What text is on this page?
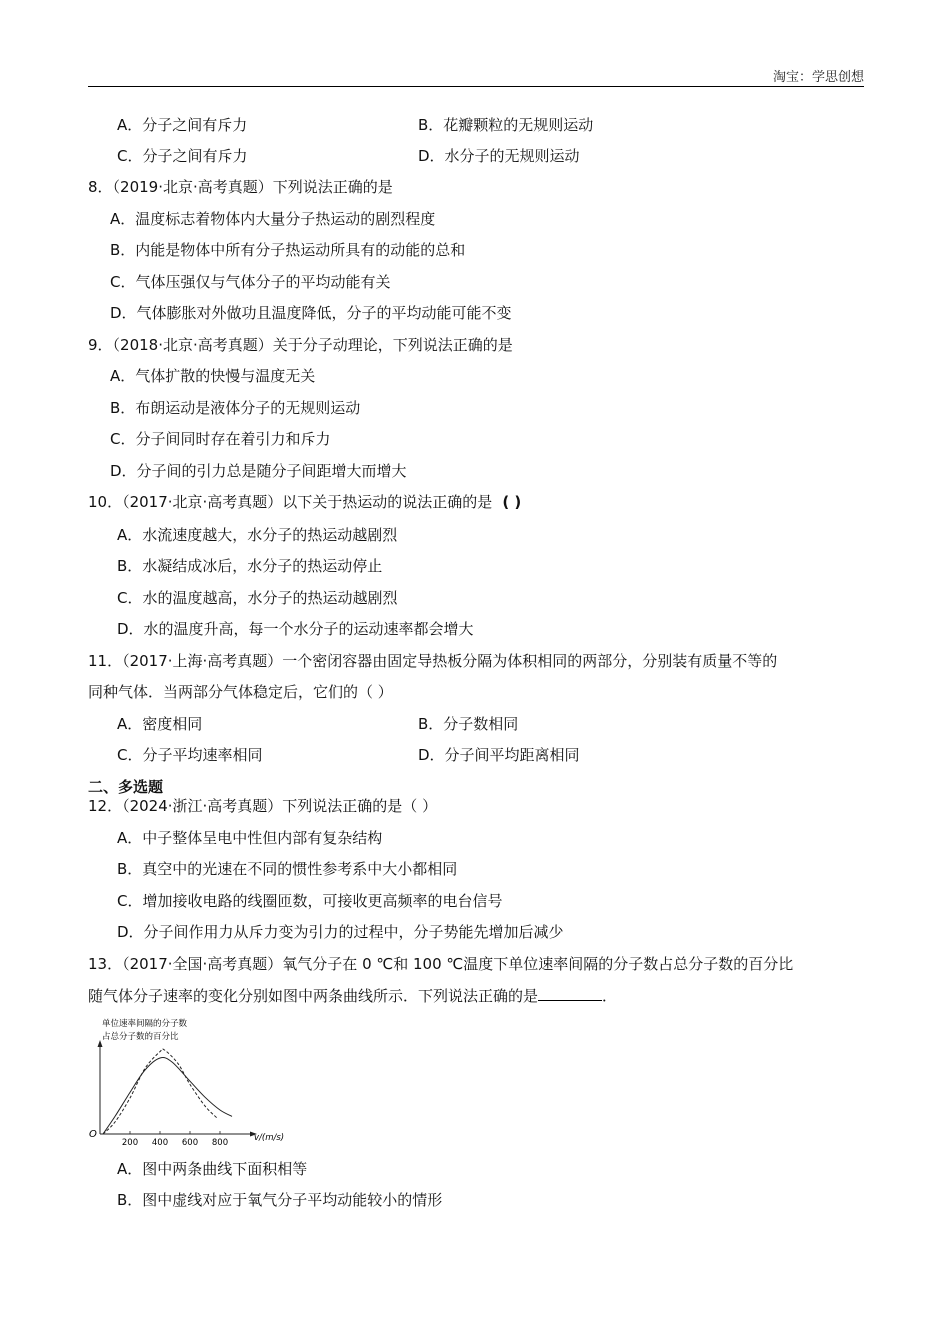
淘宝：学思创想
A．分子之间有斥力	B．花瓣颗粒的无规则运动
C．分子之间有斥力	D．水分子的无规则运动
8．（2019·北京·高考真题）下列说法正确的是
A．温度标志着物体内大量分子热运动的剧烈程度
B．内能是物体中所有分子热运动所具有的动能的总和
C．气体压强仅与气体分子的平均动能有关
D．气体膨胀对外做功且温度降低，分子的平均动能可能不变
9．（2018·北京·高考真题）关于分子动理论，下列说法正确的是
A．气体扩散的快慢与温度无关
B．布朗运动是液体分子的无规则运动
C．分子间同时存在着引力和斥力
D．分子间的引力总是随分子间距增大而增大
10．（2017·北京·高考真题）以下关于热运动的说法正确的是 ( )
A．水流速度越大，水分子的热运动越剧烈
B．水凝结成冰后，水分子的热运动停止
C．水的温度越高，水分子的热运动越剧烈
D．水的温度升高，每一个水分子的运动速率都会增大
11．（2017·上海·高考真题）一个密闭容器由固定导热板分隔为体积相同的两部分，分别装有质量不等的
同种气体．当两部分气体稳定后，它们的（ ）
A．密度相同	B．分子数相同
C．分子平均速率相同	D．分子间平均距离相同
二、多选题
12．（2024·浙江·高考真题）下列说法正确的是（ ）
A．中子整体呈电中性但内部有复杂结构
B．真空中的光速在不同的惯性参考系中大小都相同
C．增加接收电路的线圈匝数，可接收更高频率的电台信号
D．分子间作用力从斥力变为引力的过程中，分子势能先增加后减少
13．（2017·全国·高考真题）氧气分子在 0 ℃和 100 ℃温度下单位速率间隔的分子数占总分子数的百分比
随气体分子速率的变化分别如图中两条曲线所示．下列说法正确的是	．
单位速率间隔的分子数
占总分子数的百分比
O	v/(m/s)
200 400 600 800
A．图中两条曲线下面积相等
B．图中虚线对应于氧气分子平均动能较小的情形
